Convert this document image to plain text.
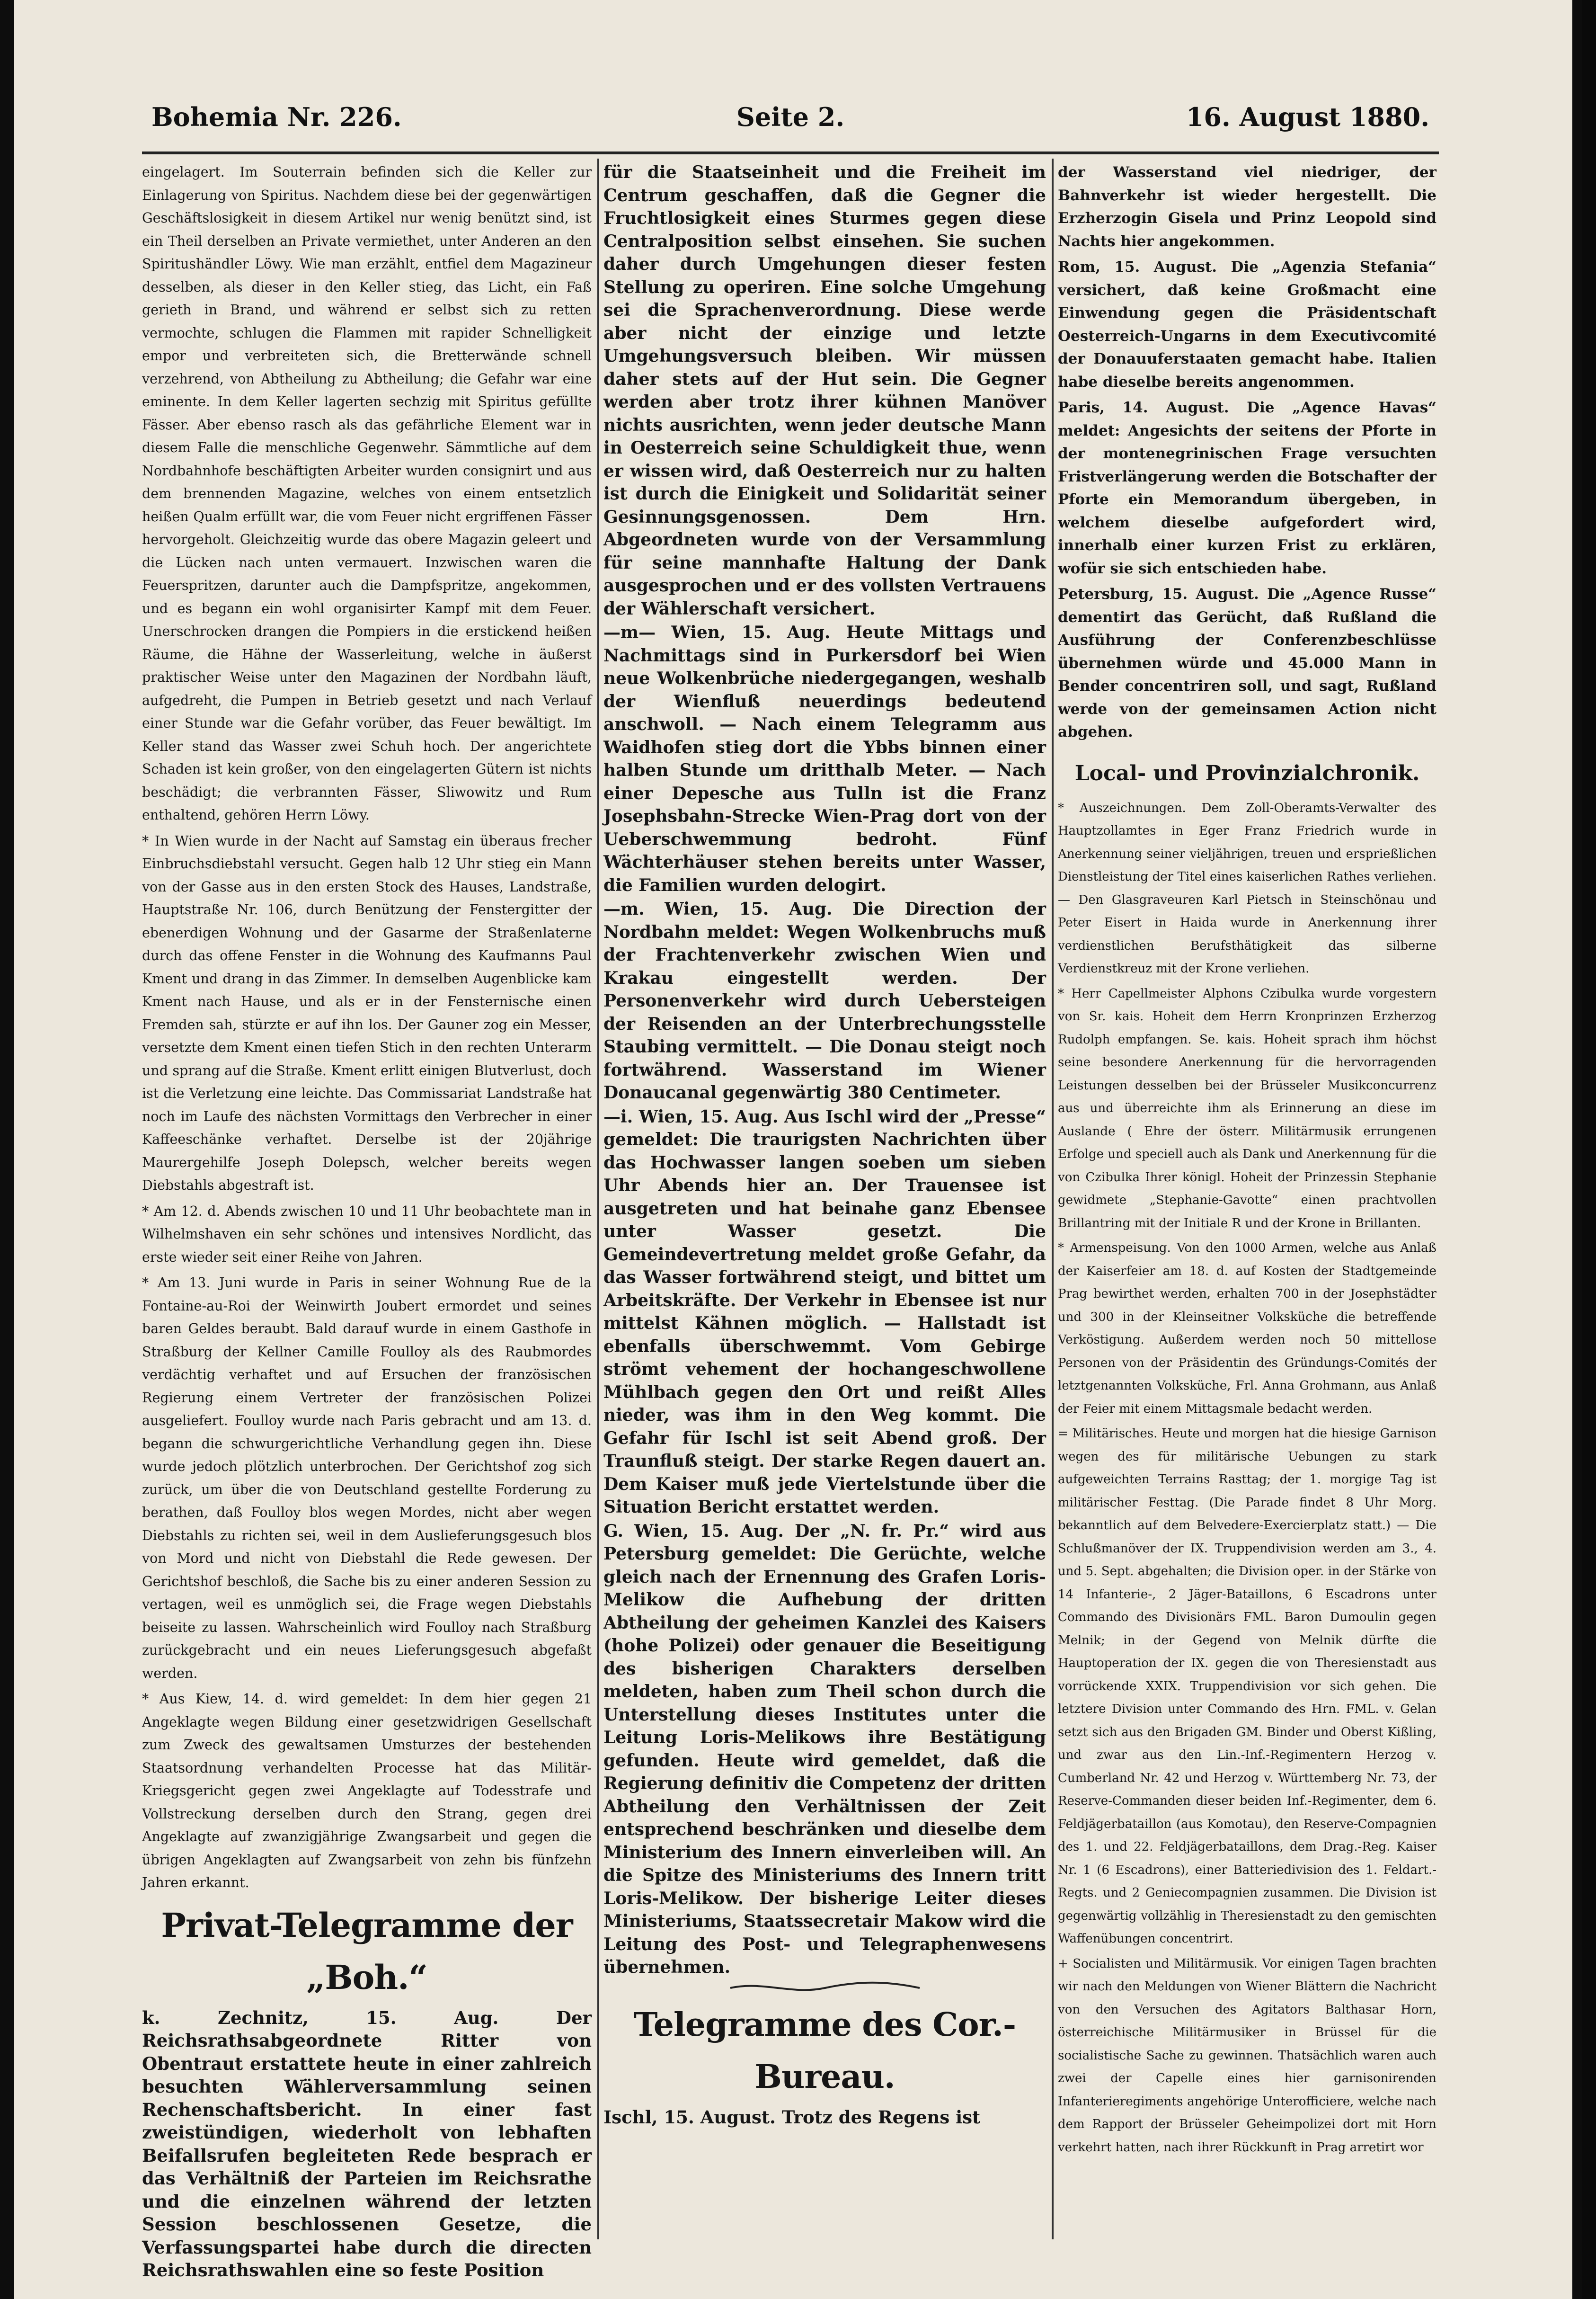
Bohemia Nr. 226.	Seite 2.	16. August 1880.

eingelagert. Im Souterrain befinden sich die Keller zur Einlagerung von Spiritus. Nachdem diese bei der gegenwärtigen Geschäftslosigkeit in diesem Artikel nur wenig benützt sind, ist ein Theil derselben an Private vermiethet, unter Anderen an den Spiritushändler Löwy. Wie man erzählt, entfiel dem Magazineur desselben, als dieser in den Keller stieg, das Licht, ein Faß gerieth in Brand, und während er selbst sich zu retten vermochte, schlugen die Flammen mit rapider Schnelligkeit empor und verbreiteten sich, die Bretterwände schnell verzehrend, von Abtheilung zu Abtheilung; die Gefahr war eine eminente. In dem Keller lagerten sechzig mit Spiritus gefüllte Fässer. Aber ebenso rasch als das gefährliche Element war in diesem Falle die menschliche Gegenwehr. Sämmtliche auf dem Nordbahnhofe beschäftigten Arbeiter wurden consignirt und aus dem brennenden Magazine, welches von einem entsetzlich heißen Qualm erfüllt war, die vom Feuer nicht ergriffenen Fässer hervorgeholt. Gleichzeitig wurde das obere Magazin geleert und die Lücken nach unten vermauert. Inzwischen waren die Feuerspritzen, darunter auch die Dampfspritze, angekommen, und es begann ein wohl organisirter Kampf mit dem Feuer. Unerschrocken drangen die Pompiers in die erstickend heißen Räume, die Hähne der Wasserleitung, welche in äußerst praktischer Weise unter den Magazinen der Nordbahn läuft, aufgedreht, die Pumpen in Betrieb gesetzt und nach Verlauf einer Stunde war die Gefahr vorüber, das Feuer bewältigt. Im Keller stand das Wasser zwei Schuh hoch. Der angerichtete Schaden ist kein großer, von den eingelagerten Gütern ist nichts beschädigt; die verbrannten Fässer, Sliwowitz und Rum enthaltend, gehören Herrn Löwy.

* In Wien wurde in der Nacht auf Samstag ein überaus frecher Einbruchsdiebstahl versucht. Gegen halb 12 Uhr stieg ein Mann von der Gasse aus in den ersten Stock des Hauses, Landstraße, Hauptstraße Nr. 106, durch Benützung der Fenstergitter der ebenerdigen Wohnung und der Gasarme der Straßenlaterne durch das offene Fenster in die Wohnung des Kaufmanns Paul Kment und drang in das Zimmer. In demselben Augenblicke kam Kment nach Hause, und als er in der Fensternische einen Fremden sah, stürzte er auf ihn los. Der Gauner zog ein Messer, versetzte dem Kment einen tiefen Stich in den rechten Unterarm und sprang auf die Straße. Kment erlitt einigen Blutverlust, doch ist die Verletzung eine leichte. Das Commissariat Landstraße hat noch im Laufe des nächsten Vormittags den Verbrecher in einer Kaffeeschänke verhaftet. Derselbe ist der 20jährige Maurergehilfe Joseph Dolepsch, welcher bereits wegen Diebstahls abgestraft ist.

* Am 12. d. Abends zwischen 10 und 11 Uhr beobachtete man in Wilhelmshaven ein sehr schönes und intensives Nordlicht, das erste wieder seit einer Reihe von Jahren.

* Am 13. Juni wurde in Paris in seiner Wohnung Rue de la Fontaine-au-Roi der Weinwirth Joubert ermordet und seines baren Geldes beraubt. Bald darauf wurde in einem Gasthofe in Straßburg der Kellner Camille Foulloy als des Raubmordes verdächtig verhaftet und auf Ersuchen der französischen Regierung einem Vertreter der französischen Polizei ausgeliefert. Foulloy wurde nach Paris gebracht und am 13. d. begann die schwurgerichtliche Verhandlung gegen ihn. Diese wurde jedoch plötzlich unterbrochen. Der Gerichtshof zog sich zurück, um über die von Deutschland gestellte Forderung zu berathen, daß Foulloy blos wegen Mordes, nicht aber wegen Diebstahls zu richten sei, weil in dem Auslieferungsgesuch blos von Mord und nicht von Diebstahl die Rede gewesen. Der Gerichtshof beschloß, die Sache bis zu einer anderen Session zu vertagen, weil es unmöglich sei, die Frage wegen Diebstahls beiseite zu lassen. Wahrscheinlich wird Foulloy nach Straßburg zurückgebracht und ein neues Lieferungsgesuch abgefaßt werden.

* Aus Kiew, 14. d. wird gemeldet: In dem hier gegen 21 Angeklagte wegen Bildung einer gesetzwidrigen Gesellschaft zum Zweck des gewaltsamen Umsturzes der bestehenden Staatsordnung verhandelten Processe hat das Militär-Kriegsgericht gegen zwei Angeklagte auf Todesstrafe und Vollstreckung derselben durch den Strang, gegen drei Angeklagte auf zwanzigjährige Zwangsarbeit und gegen die übrigen Angeklagten auf Zwangsarbeit von zehn bis fünfzehn Jahren erkannt.

Privat-Telegramme der „Boh.“

k. Zechnitz, 15. Aug. Der Reichsrathsabgeordnete Ritter von Obentraut erstattete heute in einer zahlreich besuchten Wählerversammlung seinen Rechenschaftsbericht. In einer fast zweistündigen, wiederholt von lebhaften Beifallsrufen begleiteten Rede besprach er das Verhältniß der Parteien im Reichsrathe und die einzelnen während der letzten Session beschlossenen Gesetze, die Verfassungspartei habe durch die directen Reichsrathswahlen eine so feste Position

für die Staatseinheit und die Freiheit im Centrum geschaffen, daß die Gegner die Fruchtlosigkeit eines Sturmes gegen diese Centralposition selbst einsehen. Sie suchen daher durch Umgehungen dieser festen Stellung zu operiren. Eine solche Umgehung sei die Sprachenverordnung. Diese werde aber nicht der einzige und letzte Umgehungsversuch bleiben. Wir müssen daher stets auf der Hut sein. Die Gegner werden aber trotz ihrer kühnen Manöver nichts ausrichten, wenn jeder deutsche Mann in Oesterreich seine Schuldigkeit thue, wenn er wissen wird, daß Oesterreich nur zu halten ist durch die Einigkeit und Solidarität seiner Gesinnungsgenossen. Dem Hrn. Abgeordneten wurde von der Versammlung für seine mannhafte Haltung der Dank ausgesprochen und er des vollsten Vertrauens der Wählerschaft versichert.

—m— Wien, 15. Aug. Heute Mittags und Nachmittags sind in Purkersdorf bei Wien neue Wolkenbrüche niedergegangen, weshalb der Wienfluß neuerdings bedeutend anschwoll. — Nach einem Telegramm aus Waidhofen stieg dort die Ybbs binnen einer halben Stunde um dritthalb Meter. — Nach einer Depesche aus Tulln ist die Franz Josephsbahn-Strecke Wien-Prag dort von der Ueberschwemmung bedroht. Fünf Wächterhäuser stehen bereits unter Wasser, die Familien wurden delogirt.

—m. Wien, 15. Aug. Die Direction der Nordbahn meldet: Wegen Wolkenbruchs muß der Frachtenverkehr zwischen Wien und Krakau eingestellt werden. Der Personenverkehr wird durch Uebersteigen der Reisenden an der Unterbrechungsstelle Staubing vermittelt. — Die Donau steigt noch fortwährend. Wasserstand im Wiener Donaucanal gegenwärtig 380 Centimeter.

—i. Wien, 15. Aug. Aus Ischl wird der „Presse“ gemeldet: Die traurigsten Nachrichten über das Hochwasser langen soeben um sieben Uhr Abends hier an. Der Trauensee ist ausgetreten und hat beinahe ganz Ebensee unter Wasser gesetzt. Die Gemeindevertretung meldet große Gefahr, da das Wasser fortwährend steigt, und bittet um Arbeitskräfte. Der Verkehr in Ebensee ist nur mittelst Kähnen möglich. — Hallstadt ist ebenfalls überschwemmt. Vom Gebirge strömt vehement der hochangeschwollene Mühlbach gegen den Ort und reißt Alles nieder, was ihm in den Weg kommt. Die Gefahr für Ischl ist seit Abend groß. Der Traunfluß steigt. Der starke Regen dauert an. Dem Kaiser muß jede Viertelstunde über die Situation Bericht erstattet werden.

G. Wien, 15. Aug. Der „N. fr. Pr.“ wird aus Petersburg gemeldet: Die Gerüchte, welche gleich nach der Ernennung des Grafen Loris-Melikow die Aufhebung der dritten Abtheilung der geheimen Kanzlei des Kaisers (hohe Polizei) oder genauer die Beseitigung des bisherigen Charakters derselben meldeten, haben zum Theil schon durch die Unterstellung dieses Institutes unter die Leitung Loris-Melikows ihre Bestätigung gefunden. Heute wird gemeldet, daß die Regierung definitiv die Competenz der dritten Abtheilung den Verhältnissen der Zeit entsprechend beschränken und dieselbe dem Ministerium des Innern einverleiben will. An die Spitze des Ministeriums des Innern tritt Loris-Melikow. Der bisherige Leiter dieses Ministeriums, Staatssecretair Makow wird die Leitung des Post- und Telegraphenwesens übernehmen.

Telegramme des Cor.-Bureau.

Ischl, 15. August. Trotz des Regens ist

der Wasserstand viel niedriger, der Bahnverkehr ist wieder hergestellt. Die Erzherzogin Gisela und Prinz Leopold sind Nachts hier angekommen.

Rom, 15. August. Die „Agenzia Stefania“ versichert, daß keine Großmacht eine Einwendung gegen die Präsidentschaft Oesterreich-Ungarns in dem Executivcomité der Donauuferstaaten gemacht habe. Italien habe dieselbe bereits angenommen.

Paris, 14. August. Die „Agence Havas“ meldet: Angesichts der seitens der Pforte in der montenegrinischen Frage versuchten Fristverlängerung werden die Botschafter der Pforte ein Memorandum übergeben, in welchem dieselbe aufgefordert wird, innerhalb einer kurzen Frist zu erklären, wofür sie sich entschieden habe.

Petersburg, 15. August. Die „Agence Russe“ dementirt das Gerücht, daß Rußland die Ausführung der Conferenzbeschlüsse übernehmen würde und 45.000 Mann in Bender concentriren soll, und sagt, Rußland werde von der gemeinsamen Action nicht abgehen.

Local- und Provinzialchronik.

* Auszeichnungen. Dem Zoll-Oberamts-Verwalter des Hauptzollamtes in Eger Franz Friedrich wurde in Anerkennung seiner vieljährigen, treuen und ersprießlichen Dienstleistung der Titel eines kaiserlichen Rathes verliehen. — Den Glasgraveuren Karl Pietsch in Steinschönau und Peter Eisert in Haida wurde in Anerkennung ihrer verdienstlichen Berufsthätigkeit das silberne Verdienstkreuz mit der Krone verliehen.

* Herr Capellmeister Alphons Czibulka wurde vorgestern von Sr. kais. Hoheit dem Herrn Kronprinzen Erzherzog Rudolph empfangen. Se. kais. Hoheit sprach ihm höchst seine besondere Anerkennung für die hervorragenden Leistungen desselben bei der Brüsseler Musikconcurrenz aus und überreichte ihm als Erinnerung an diese im Auslande ( Ehre der österr. Militärmusik errungenen Erfolge und speciell auch als Dank und Anerkennung für die von Czibulka Ihrer königl. Hoheit der Prinzessin Stephanie gewidmete „Stephanie-Gavotte“ einen prachtvollen Brillantring mit der Initiale R und der Krone in Brillanten.

* Armenspeisung. Von den 1000 Armen, welche aus Anlaß der Kaiserfeier am 18. d. auf Kosten der Stadtgemeinde Prag bewirthet werden, erhalten 700 in der Josephstädter und 300 in der Kleinseitner Volksküche die betreffende Verköstigung. Außerdem werden noch 50 mittellose Personen von der Präsidentin des Gründungs-Comités der letztgenannten Volksküche, Frl. Anna Grohmann, aus Anlaß der Feier mit einem Mittagsmale bedacht werden.

= Militärisches. Heute und morgen hat die hiesige Garnison wegen des für militärische Uebungen zu stark aufgeweichten Terrains Rasttag; der 1. morgige Tag ist militärischer Festtag. (Die Parade findet 8 Uhr Morg. bekanntlich auf dem Belvedere-Exercierplatz statt.) — Die Schlußmanöver der IX. Truppendivision werden am 3., 4. und 5. Sept. abgehalten; die Division oper. in der Stärke von 14 Infanterie-, 2 Jäger-Bataillons, 6 Escadrons unter Commando des Divisionärs FML. Baron Dumoulin gegen Melnik; in der Gegend von Melnik dürfte die Hauptoperation der IX. gegen die von Theresienstadt aus vorrückende XXIX. Truppendivision vor sich gehen. Die letztere Division unter Commando des Hrn. FML. v. Gelan setzt sich aus den Brigaden GM. Binder und Oberst Kißling, und zwar aus den Lin.-Inf.-Regimentern Herzog v. Cumberland Nr. 42 und Herzog v. Württemberg Nr. 73, der Reserve-Commanden dieser beiden Inf.-Regimenter, dem 6. Feldjägerbataillon (aus Komotau), den Reserve-Compagnien des 1. und 22. Feldjägerbataillons, dem Drag.-Reg. Kaiser Nr. 1 (6 Escadrons), einer Batteriedivision des 1. Feldart.-Regts. und 2 Geniecompagnien zusammen. Die Division ist gegenwärtig vollzählig in Theresienstadt zu den gemischten Waffenübungen concentrirt.

+ Socialisten und Militärmusik. Vor einigen Tagen brachten wir nach den Meldungen von Wiener Blättern die Nachricht von den Versuchen des Agitators Balthasar Horn, österreichische Militärmusiker in Brüssel für die socialistische Sache zu gewinnen. Thatsächlich waren auch zwei der Capelle eines hier garnisonirenden Infanterieregiments angehörige Unterofficiere, welche nach dem Rapport der Brüsseler Geheimpolizei dort mit Horn verkehrt hatten, nach ihrer Rückkunft in Prag arretirt wor
